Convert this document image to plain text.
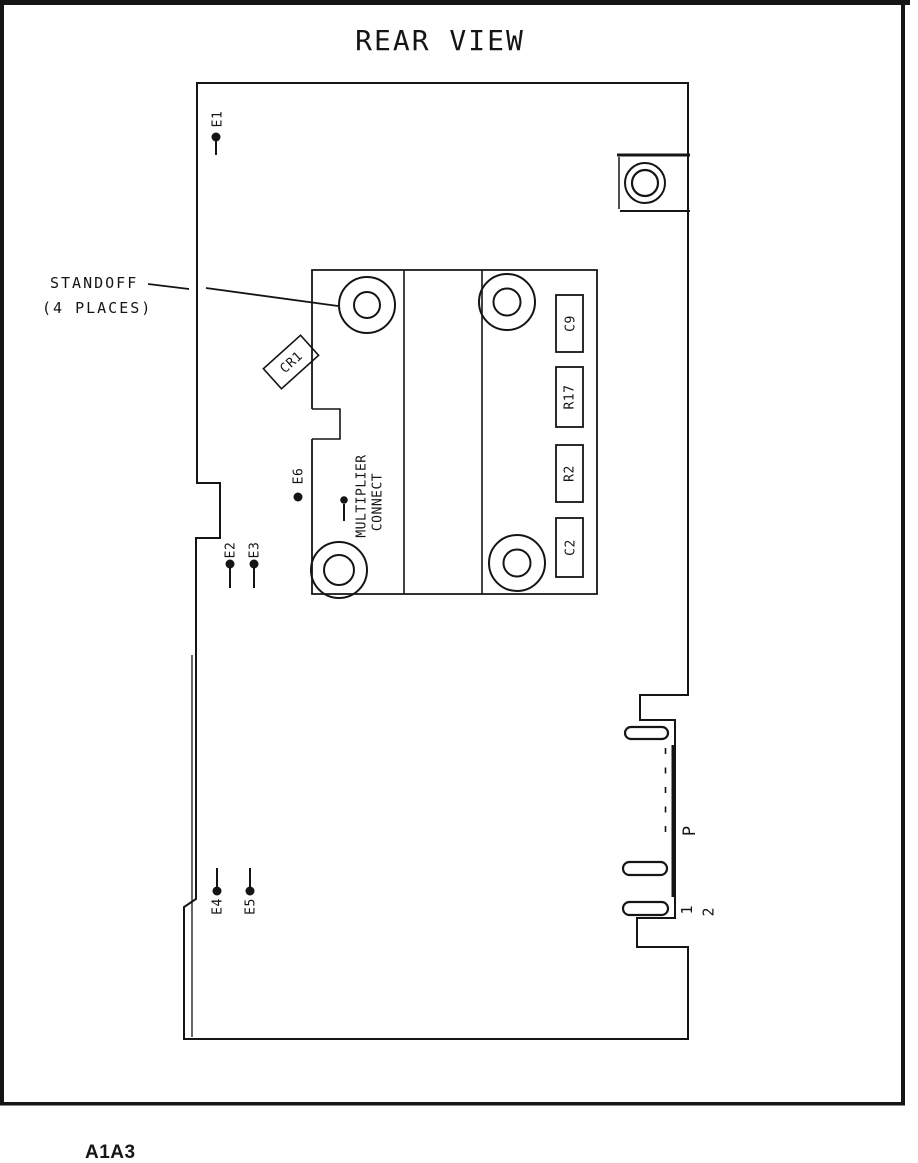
REAR VIEW
STANDOFF
(4 PLACES)
CR1
C9
R17
R2
C2
E1
E2 E3
E4 E5
E6	MULTIPLIER CONNECT
P
1 2
A1A3
